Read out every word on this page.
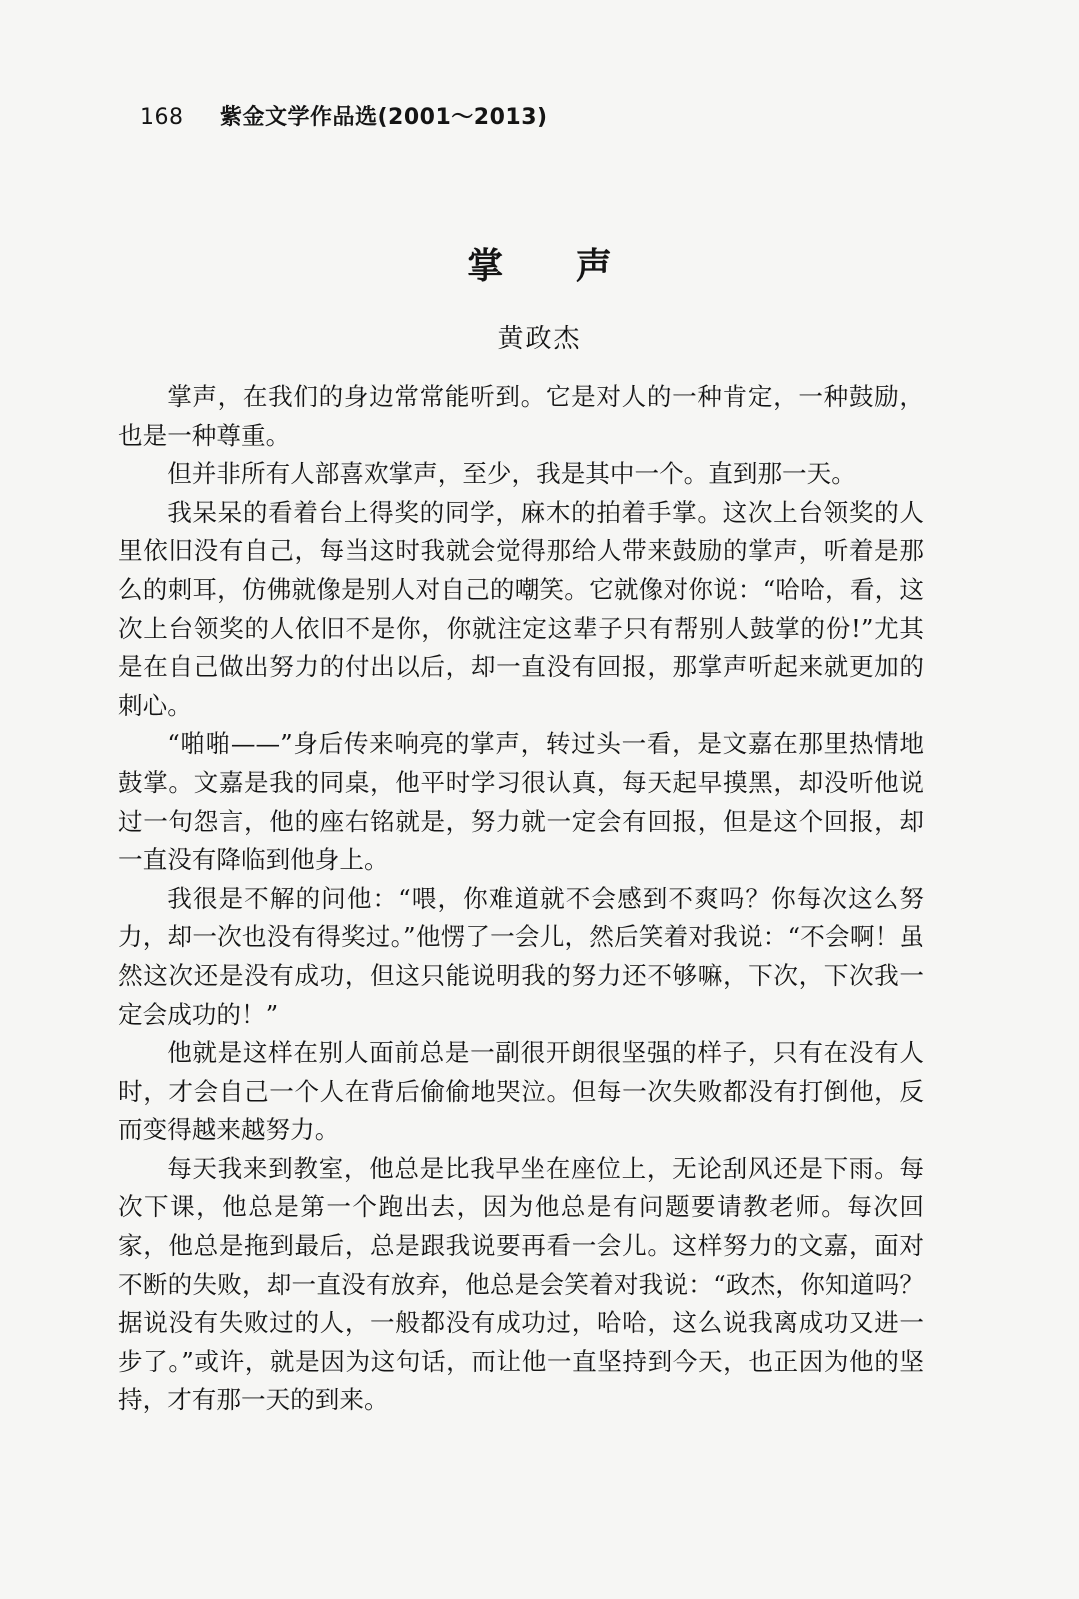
168 紫金文学作品选(2001～2013)
掌 声
黄政杰

掌声，在我们的身边常常能听到。它是对人的一种肯定，一种鼓励，也是一种尊重。

但并非所有人部喜欢掌声，至少，我是其中一个。直到那一天。

我呆呆的看着台上得奖的同学，麻木的拍着手掌。这次上台领奖的人里依旧没有自己，每当这时我就会觉得那给人带来鼓励的掌声，听着是那么的刺耳，仿佛就像是别人对自己的嘲笑。它就像对你说：“哈哈，看，这次上台领奖的人依旧不是你，你就注定这辈子只有帮别人鼓掌的份!”尤其是在自己做出努力的付出以后，却一直没有回报，那掌声听起来就更加的刺心。

“啪啪——”身后传来响亮的掌声，转过头一看，是文嘉在那里热情地鼓掌。文嘉是我的同桌，他平时学习很认真，每天起早摸黑，却没听他说过一句怨言，他的座右铭就是，努力就一定会有回报，但是这个回报，却一直没有降临到他身上。

我很是不解的问他：“喂，你难道就不会感到不爽吗？你每次这么努力，却一次也没有得奖过。”他愣了一会儿，然后笑着对我说：“不会啊！虽然这次还是没有成功，但这只能说明我的努力还不够嘛，下次，下次我一定会成功的！”

他就是这样在别人面前总是一副很开朗很坚强的样子，只有在没有人时，才会自己一个人在背后偷偷地哭泣。但每一次失败都没有打倒他，反而变得越来越努力。

每天我来到教室，他总是比我早坐在座位上，无论刮风还是下雨。每次下课，他总是第一个跑出去，因为他总是有问题要请教老师。每次回家，他总是拖到最后，总是跟我说要再看一会儿。这样努力的文嘉，面对不断的失败，却一直没有放弃，他总是会笑着对我说：“政杰，你知道吗？据说没有失败过的人，一般都没有成功过，哈哈，这么说我离成功又进一步了。”或许，就是因为这句话，而让他一直坚持到今天，也正因为他的坚持，才有那一天的到来。
